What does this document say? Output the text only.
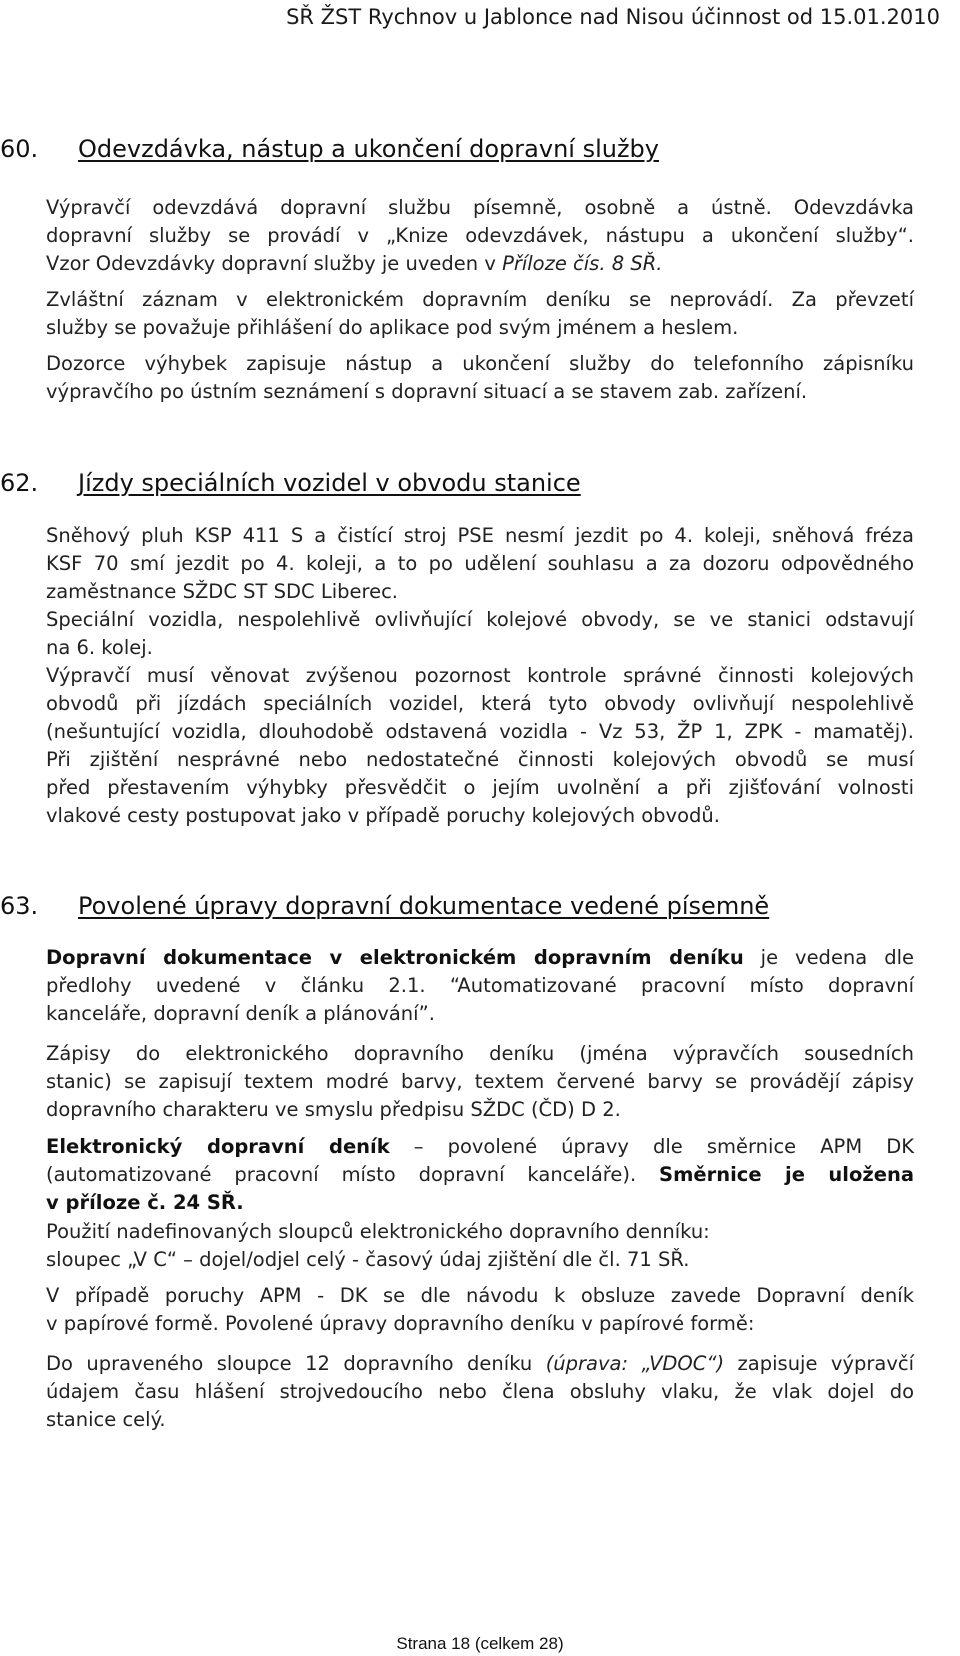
SŘ ŽST Rychnov u Jablonce nad Nisou účinnost od 15.01.2010
60. Odevzdávka, nástup a ukončení dopravní služby
Výpravčí odevzdává dopravní službu písemně, osobně a ústně. Odevzdávka
dopravní služby se provádí v „Knize odevzdávek, nástupu a ukončení služby“.
Vzor Odevzdávky dopravní služby je uveden v Příloze čís. 8 SŘ.
Zvláštní záznam v elektronickém dopravním deníku se neprovádí. Za převzetí
služby se považuje přihlášení do aplikace pod svým jménem a heslem.
Dozorce výhybek zapisuje nástup a ukončení služby do telefonního zápisníku
výpravčího po ústním seznámení s dopravní situací a se stavem zab. zařízení.
62. Jízdy speciálních vozidel v obvodu stanice
Sněhový pluh KSP 411 S a čistící stroj PSE nesmí jezdit po 4. koleji, sněhová fréza
KSF 70 smí jezdit po 4. koleji, a to po udělení souhlasu a za dozoru odpovědného
zaměstnance SŽDC ST SDC Liberec.
Speciální vozidla, nespolehlivě ovlivňující kolejové obvody, se ve stanici odstavují
na 6. kolej.
Výpravčí musí věnovat zvýšenou pozornost kontrole správné činnosti kolejových
obvodů při jízdách speciálních vozidel, která tyto obvody ovlivňují nespolehlivě
(nešuntující vozidla, dlouhodobě odstavená vozidla - Vz 53, ŽP 1, ZPK - mamatěj).
Při zjištění nesprávné nebo nedostatečné činnosti kolejových obvodů se musí
před přestavením výhybky přesvědčit o jejím uvolnění a při zjišťování volnosti
vlakové cesty postupovat jako v případě poruchy kolejových obvodů.
63. Povolené úpravy dopravní dokumentace vedené písemně
Dopravní dokumentace v elektronickém dopravním deníku je vedena dle
předlohy uvedené v článku 2.1. “Automatizované pracovní místo dopravní
kanceláře, dopravní deník a plánování”.
Zápisy do elektronického dopravního deníku (jména výpravčích sousedních
stanic) se zapisují textem modré barvy, textem červené barvy se provádějí zápisy
dopravního charakteru ve smyslu předpisu SŽDC (ČD) D 2.
Elektronický dopravní deník – povolené úpravy dle směrnice APM DK
(automatizované pracovní místo dopravní kanceláře). Směrnice je uložena
v příloze č. 24 SŘ.
Použití nadefinovaných sloupců elektronického dopravního denníku:
sloupec „V C“ – dojel/odjel celý - časový údaj zjištění dle čl. 71 SŘ.
V případě poruchy APM - DK se dle návodu k obsluze zavede Dopravní deník
v papírové formě. Povolené úpravy dopravního deníku v papírové formě:
Do upraveného sloupce 12 dopravního deníku (úprava: „VDOC“) zapisuje výpravčí
údajem času hlášení strojvedoucího nebo člena obsluhy vlaku, že vlak dojel do
stanice celý.
Strana 18 (celkem 28)
